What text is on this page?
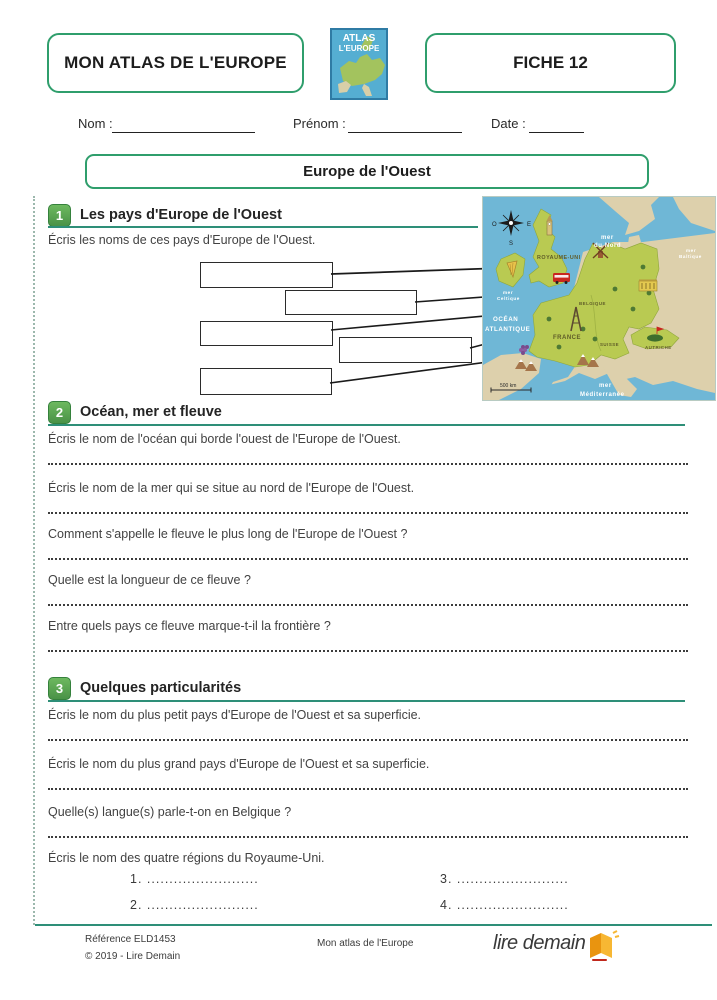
MON ATLAS DE L'EUROPE
ATLAS
L'EUROPE
FICHE 12
Nom :	Prénom :	Date :
Europe de l'Ouest
1	Les pays d'Europe de l'Ouest
Écris les noms de ces pays d'Europe de l'Ouest.
O	E
S
mer
du Nord
mer
Celtique
mer
Baltique
OCÉAN
ATLANTIQUE
mer
Méditerranée
ROYAUME-UNI
FRANCE
BELGIQUE
SUISSE
AUTRICHE
500 km
2	Océan, mer et fleuve
Écris le nom de l'océan qui borde l'ouest de l'Europe de l'Ouest.
Écris le nom de la mer qui se situe au nord de l'Europe de l'Ouest.
Comment s'appelle le fleuve le plus long de l'Europe de l'Ouest ?
Quelle est la longueur de ce fleuve ?
Entre quels pays ce fleuve marque-t-il la frontière ?
3	Quelques particularités
Écris le nom du plus petit pays d'Europe de l'Ouest et sa superficie.
Écris le nom du plus grand pays d'Europe de l'Ouest et sa superficie.
Quelle(s) langue(s) parle-t-on en Belgique ?
Écris le nom des quatre régions du Royaume-Uni.
1. .........................
2. .........................
3. .........................
4. .........................
Référence ELD1453
© 2019 - Lire Demain
Mon atlas de l'Europe	lire demain
